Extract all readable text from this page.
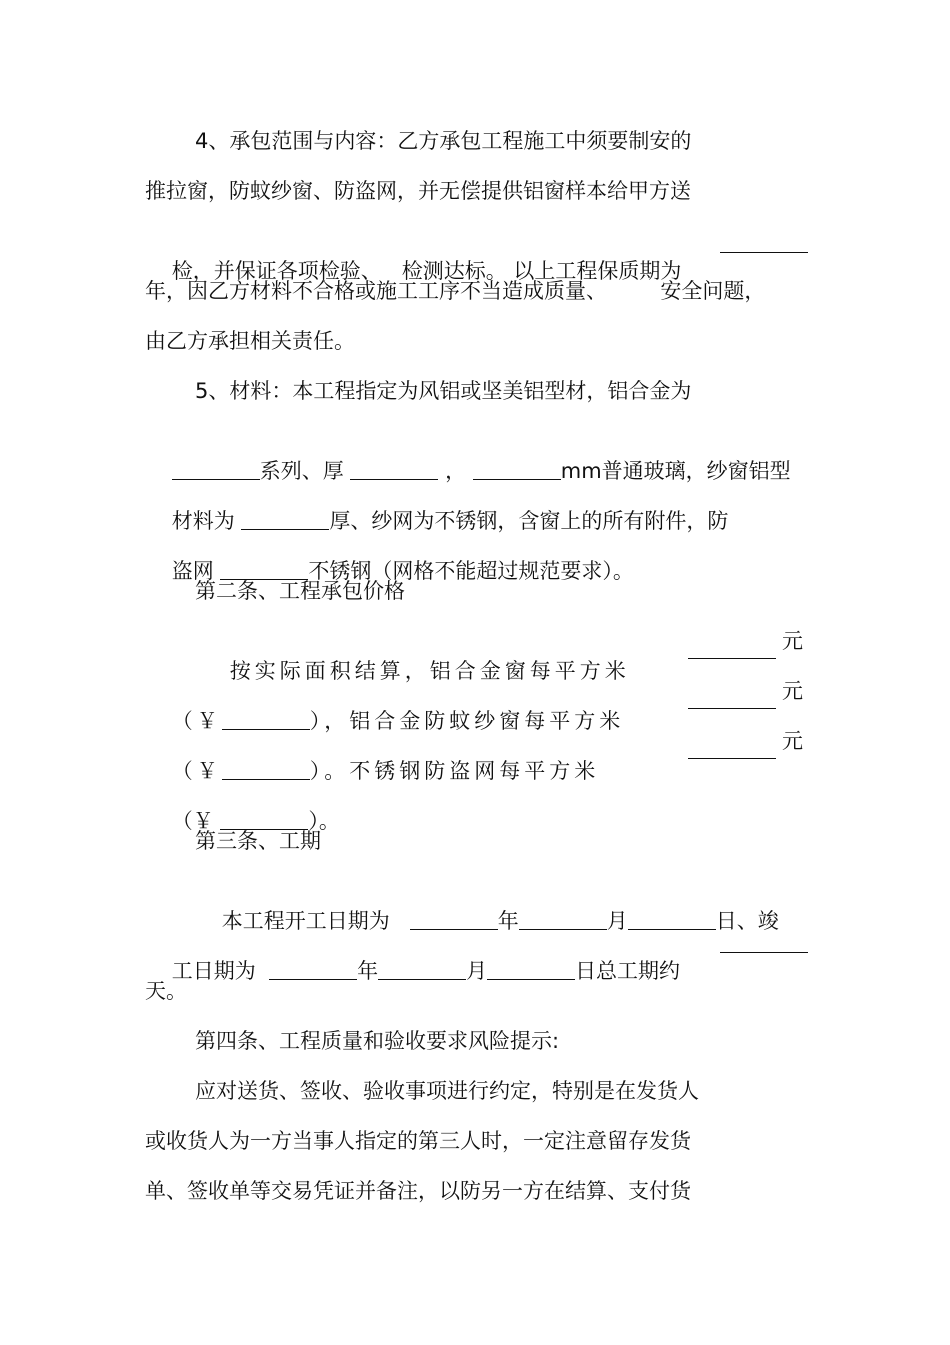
4、承包范围与内容：乙方承包工程施工中须要制安的
推拉窗，防蚊纱窗、防盗网，并无偿提供铝窗样本给甲方送

检，并保证各项检验、   检测达标。 以上工程保质期为

年，因乙方材料不合格或施工工序不当造成质量、        安全问题，
由乙方承担相关责任。
5、材料：本工程指定为风铝或坚美铝型材，铝合金为

系列、厚	，	mm普通玻璃，纱窗铝型

材料为	厚、纱网为不锈钢，含窗上的所有附件，防

盗网	不锈钢（网格不能超过规范要求）。

第二条、工程承包价格

按实际面积结算，铝合金窗每平方米

元

（￥	），铝合金防蚊纱窗每平方米

元

（￥	）。不锈钢防盗网每平方米

元

（￥	）。

第三条、工期

本工程开工日期为	年	月	日、竣

工日期为	年	月	日总工期约

天。
第四条、工程质量和验收要求风险提示:
应对送货、签收、验收事项进行约定，特别是在发货人
或收货人为一方当事人指定的第三人时，一定注意留存发货
单、签收单等交易凭证并备注，以防另一方在结算、支付货
